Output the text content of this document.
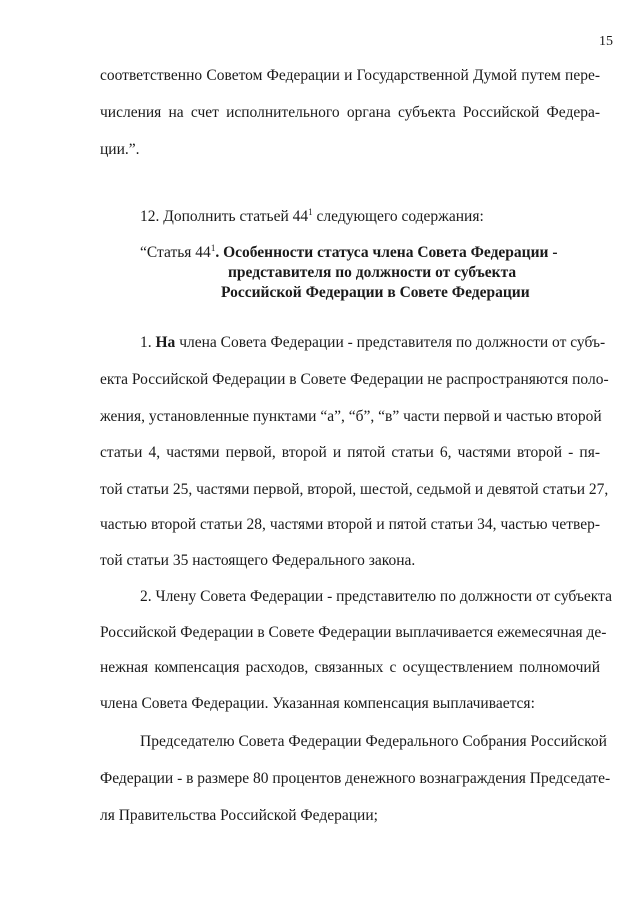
15
соответственно Советом Федерации и Государственной Думой путем пере-
числения на счет исполнительного органа субъекта Российской Федера-
ции.”.
12. Дополнить статьей $44^1$ следующего содержания:
“Статья $44^1$. Особенности статуса члена Совета Федерации -
представителя по должности от субъекта
Российской Федерации в Совете Федерации
1. На члена Совета Федерации - представителя по должности от субъ-
екта Российской Федерации в Совете Федерации не распространяются поло-
жения, установленные пунктами “а”, “б”, “в” части первой и частью второй
статьи 4, частями первой, второй и пятой статьи 6, частями второй - пя-
той статьи 25, частями первой, второй, шестой, седьмой и девятой статьи 27,
частью второй статьи 28, частями второй и пятой статьи 34, частью четвер-
той статьи 35 настоящего Федерального закона.
2. Члену Совета Федерации - представителю по должности от субъекта
Российской Федерации в Совете Федерации выплачивается ежемесячная де-
нежная компенсация расходов, связанных с осуществлением полномочий
члена Совета Федерации. Указанная компенсация выплачивается:
Председателю Совета Федерации Федерального Собрания Российской
Федерации - в размере 80 процентов денежного вознаграждения Председате-
ля Правительства Российской Федерации;
